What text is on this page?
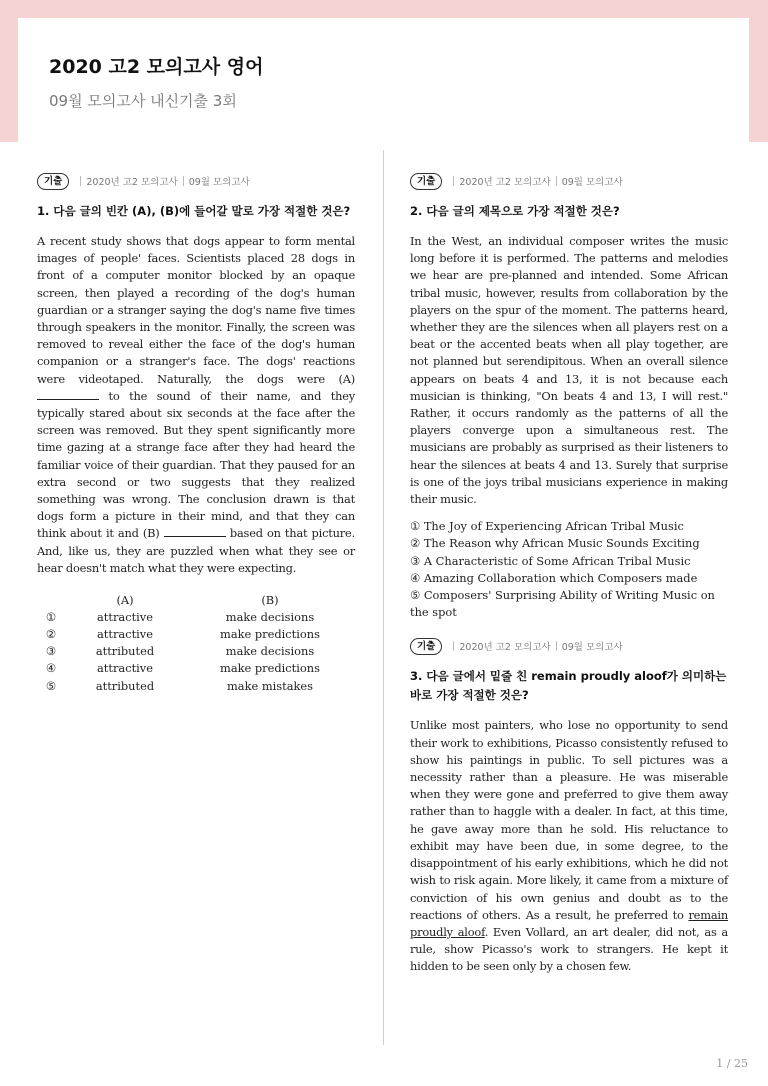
2020 고2 모의고사 영어
09월 모의고사 내신기출 3회
기출	2020년 고2 모의고사 09월 모의고사
1. 다음 글의 빈칸 (A), (B)에 들어갈 말로 가장 적절한 것은?
A recent study shows that dogs appear to form mental images of people' faces. Scientists placed 28 dogs in front of a computer monitor blocked by an opaque screen, then played a recording of the dog's human guardian or a stranger saying the dog's name five times through speakers in the monitor. Finally, the screen was removed to reveal either the face of the dog's human companion or a stranger's face. The dogs' reactions were videotaped. Naturally, the dogs were (A)  to the sound of their name, and they typically stared about six seconds at the face after the screen was removed. But they spent significantly more time gazing at a strange face after they had heard the familiar voice of their guardian. That they paused for an extra second or two suggests that they realized something was wrong. The conclusion drawn is that dogs form a picture in their mind, and that they can think about it and (B)	based on that picture. And, like us, they are puzzled when what they see or hear doesn't match what they were expecting.
	(A)	(B)
①	attractive	make decisions
②	attractive	make predictions
③	attributed	make decisions
④	attractive	make predictions
⑤	attributed	make mistakes
기출	2020년 고2 모의고사 09월 모의고사
2. 다음 글의 제목으로 가장 적절한 것은?
In the West, an individual composer writes the music long before it is performed. The patterns and melodies we hear are pre-planned and intended. Some African tribal music, however, results from collaboration by the players on the spur of the moment. The patterns heard, whether they are the silences when all players rest on a beat or the accented beats when all play together, are not planned but serendipitous. When an overall silence appears on beats 4 and 13, it is not because each musician is thinking, "On beats 4 and 13, I will rest." Rather, it occurs randomly as the patterns of all the players converge upon a simultaneous rest. The musicians are probably as surprised as their listeners to hear the silences at beats 4 and 13. Surely that surprise is one of the joys tribal musicians experience in making their music.
① The Joy of Experiencing African Tribal Music
② The Reason why African Music Sounds Exciting
③ A Characteristic of Some African Tribal Music
④ Amazing Collaboration which Composers made
⑤ Composers' Surprising Ability of Writing Music on the spot
기출	2020년 고2 모의고사 09월 모의고사
3. 다음 글에서 밑줄 친 remain proudly aloof가 의미하는 바로 가장 적절한 것은?
Unlike most painters, who lose no opportunity to send their work to exhibitions, Picasso consistently refused to show his paintings in public. To sell pictures was a necessity rather than a pleasure. He was miserable when they were gone and preferred to give them away rather than to haggle with a dealer. In fact, at this time, he gave away more than he sold. His reluctance to exhibit may have been due, in some degree, to the disappointment of his early exhibitions, which he did not wish to risk again. More likely, it came from a mixture of conviction of his own genius and doubt as to the reactions of others. As a result, he preferred to remain proudly aloof. Even Vollard, an art dealer, did not, as a rule, show Picasso's work to strangers. He kept it hidden to be seen only by a chosen few.
1 / 25
